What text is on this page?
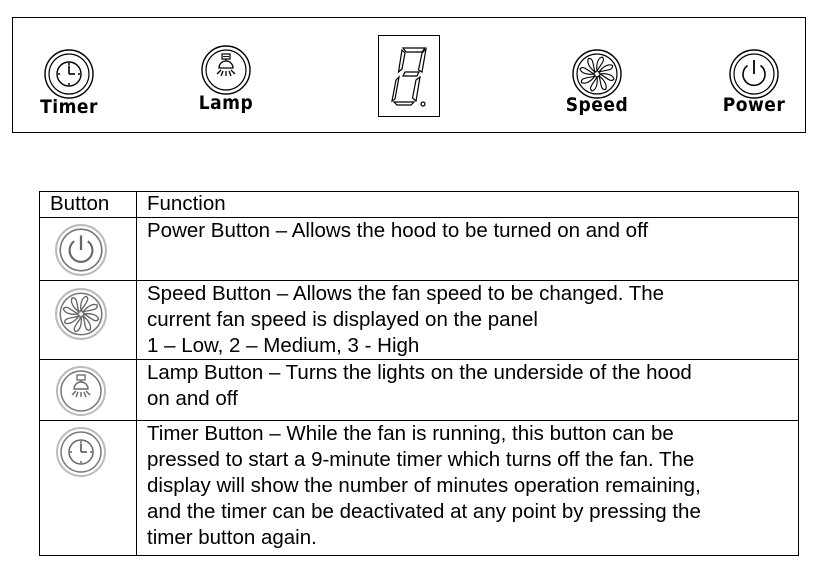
Timer	Lamp	Speed	Power
Button	Function

Power Button – Allows the hood to be turned on and off

Speed Button – Allows the fan speed to be changed. The
current fan speed is displayed on the panel
1 – Low, 2 – Medium, 3 - High

Lamp Button – Turns the lights on the underside of the hood
on and off

Timer Button – While the fan is running, this button can be
pressed to start a 9-minute timer which turns off the fan. The
display will show the number of minutes operation remaining,
and the timer can be deactivated at any point by pressing the
timer button again.
